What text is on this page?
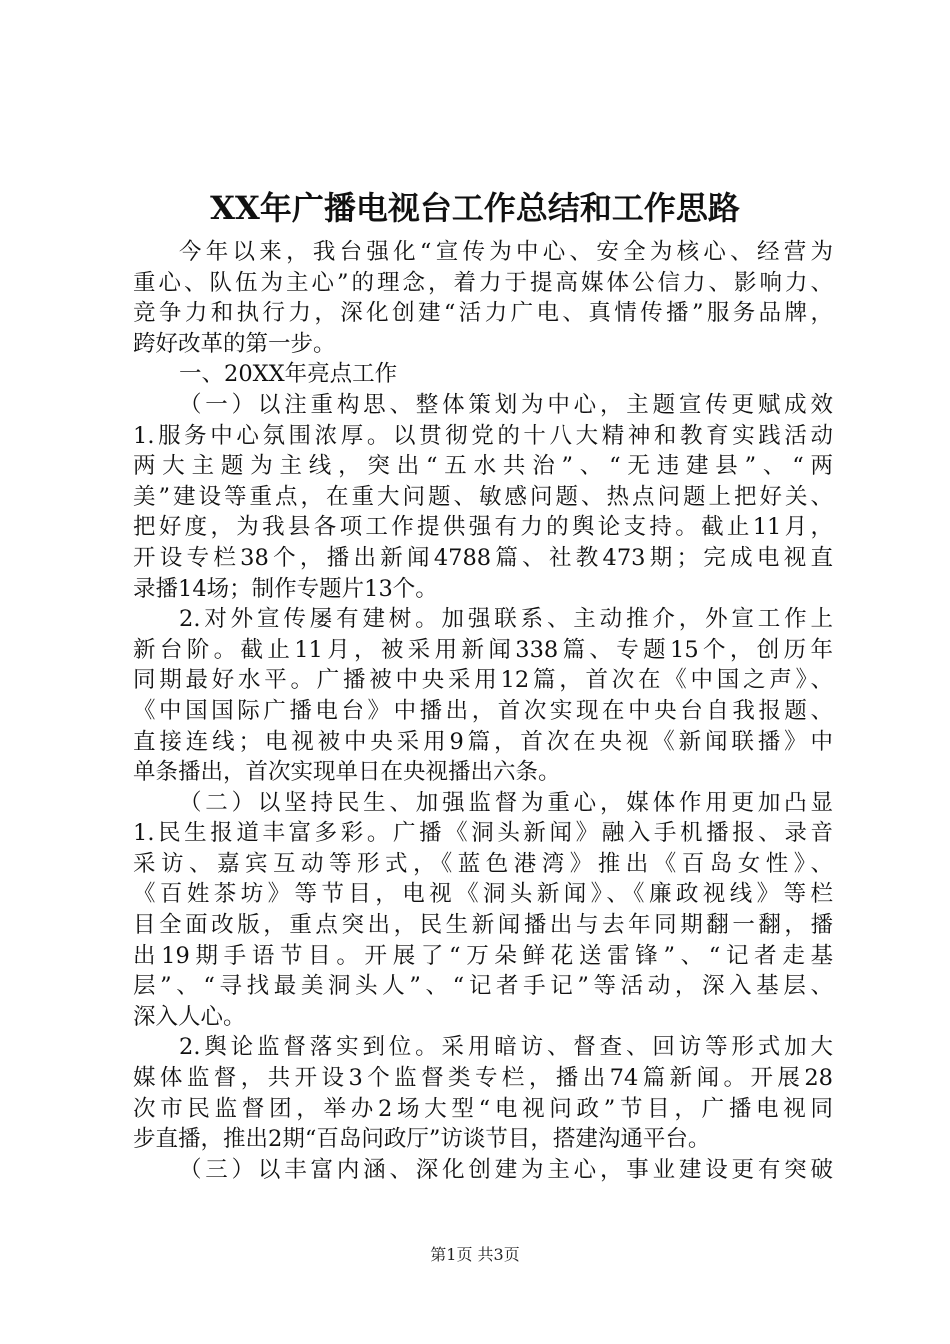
XX年广播电视台工作总结和工作思路
今年以来，我台强化“宣传为中心、安全为核心、经营为
重心、队伍为主心”的理念，着力于提高媒体公信力、影响力、
竞争力和执行力，深化创建“活力广电、真情传播”服务品牌，
跨好改革的第一步。
一、20XX年亮点工作
（一）以注重构思、整体策划为中心，主题宣传更赋成效
1.服务中心氛围浓厚。以贯彻党的十八大精神和教育实践活动
两大主题为主线，突出“五水共治”、“无违建县”、“两
美”建设等重点，在重大问题、敏感问题、热点问题上把好关、
把好度，为我县各项工作提供强有力的舆论支持。截止11月，
开设专栏38个，播出新闻4788篇、社教473期；完成电视直
录播14场；制作专题片13个。
2.对外宣传屡有建树。加强联系、主动推介，外宣工作上
新台阶。截止11月，被采用新闻338篇、专题15个，创历年
同期最好水平。广播被中央采用12篇，首次在《中国之声》、
《中国国际广播电台》中播出，首次实现在中央台自我报题、
直接连线；电视被中央采用9篇，首次在央视《新闻联播》中
单条播出，首次实现单日在央视播出六条。
（二）以坚持民生、加强监督为重心，媒体作用更加凸显
1.民生报道丰富多彩。广播《洞头新闻》融入手机播报、录音
采访、嘉宾互动等形式，《蓝色港湾》推出《百岛女性》、
《百姓茶坊》等节目，电视《洞头新闻》、《廉政视线》等栏
目全面改版，重点突出，民生新闻播出与去年同期翻一翻，播
出19期手语节目。开展了“万朵鲜花送雷锋”、“记者走基
层”、“寻找最美洞头人”、“记者手记”等活动，深入基层、
深入人心。
2.舆论监督落实到位。采用暗访、督查、回访等形式加大
媒体监督，共开设3个监督类专栏，播出74篇新闻。开展28
次市民监督团，举办2场大型“电视问政”节目，广播电视同
步直播，推出2期“百岛问政厅”访谈节目，搭建沟通平台。
（三）以丰富内涵、深化创建为主心，事业建设更有突破
第1页 共3页
